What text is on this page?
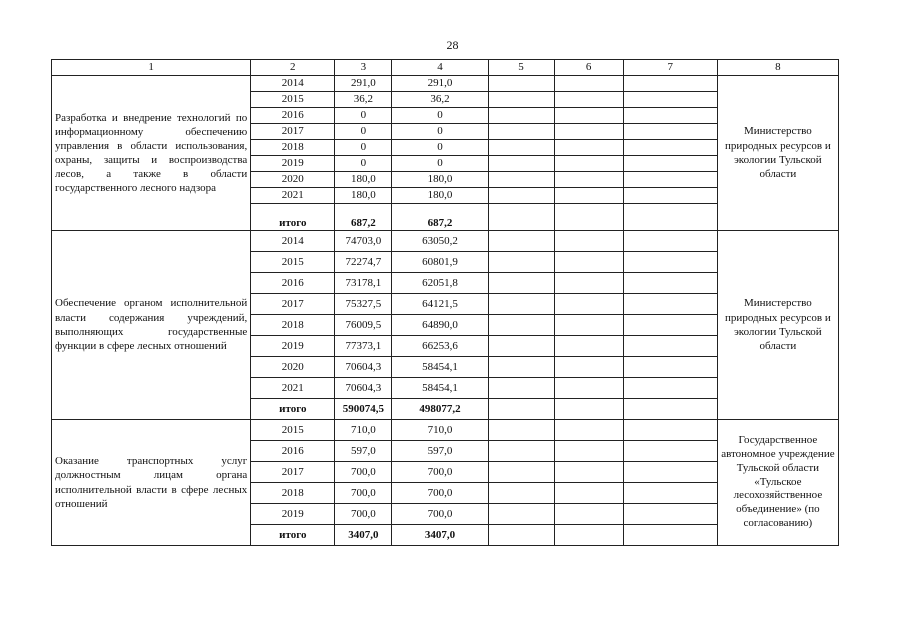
28
1	2	3	4	5	6	7	8
Разработка и внедрение технологий по информационному обеспечению управления в области использования, охраны, защиты и воспроизводства лесов, а также в области государственного лесного надзора	2014	291,0	291,0				Министерство природных ресурсов и экологии Тульской области
	2015	36,2	36,2				
	2016	0	0				
	2017	0	0				
	2018	0	0				
	2019	0	0				
	2020	180,0	180,0				
	2021	180,0	180,0				
	итого	687,2	687,2				
Обеспечение органом исполнительной власти содержания учреждений, выполняющих государственные функции в сфере лесных отношений	2014	74703,0	63050,2				Министерство природных ресурсов и экологии Тульской области
	2015	72274,7	60801,9				
	2016	73178,1	62051,8				
	2017	75327,5	64121,5				
	2018	76009,5	64890,0				
	2019	77373,1	66253,6				
	2020	70604,3	58454,1				
	2021	70604,3	58454,1				
	итого	590074,5	498077,2				
Оказание транспортных услуг должностным лицам органа исполнительной власти в сфере лесных отношений	2015	710,0	710,0				Государственное автономное учреждение Тульской области «Тульское лесохозяйственное объединение» (по согласованию)
	2016	597,0	597,0				
	2017	700,0	700,0				
	2018	700,0	700,0				
	2019	700,0	700,0				
	итого	3407,0	3407,0				
